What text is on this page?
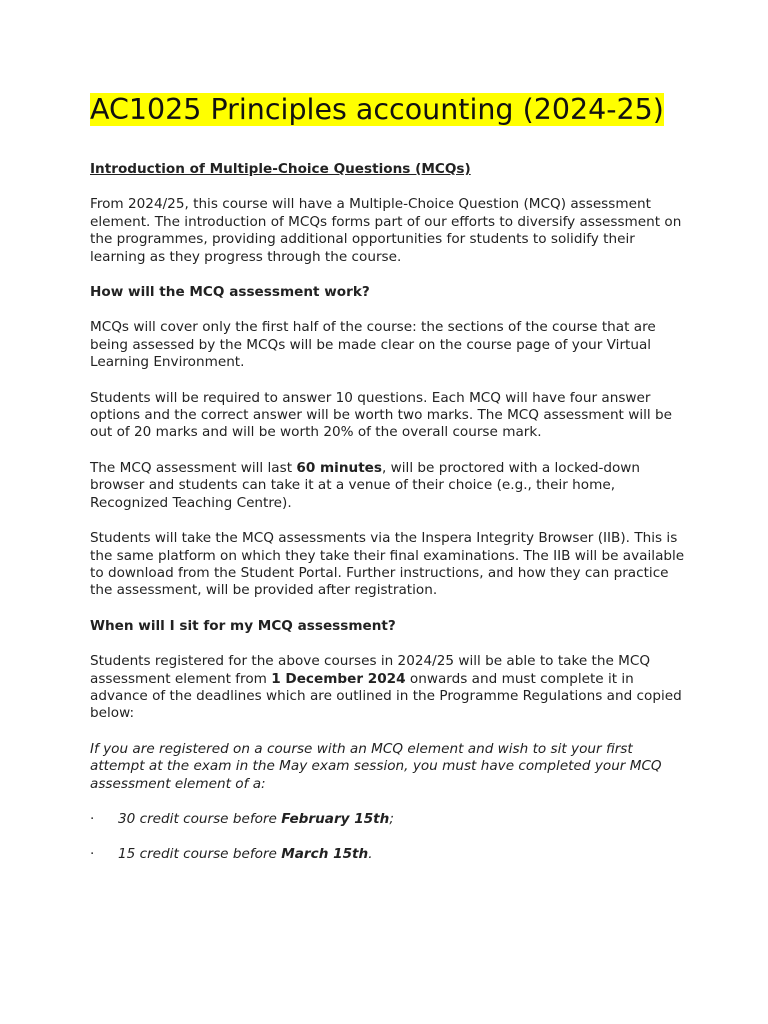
AC1025 Principles accounting (2024-25)

Introduction of Multiple-Choice Questions (MCQs)

From 2024/25, this course will have a Multiple-Choice Question (MCQ) assessment element. The introduction of MCQs forms part of our efforts to diversify assessment on the programmes, providing additional opportunities for students to solidify their learning as they progress through the course.

How will the MCQ assessment work?

MCQs will cover only the first half of the course: the sections of the course that are being assessed by the MCQs will be made clear on the course page of your Virtual Learning Environment.

Students will be required to answer 10 questions. Each MCQ will have four answer options and the correct answer will be worth two marks. The MCQ assessment will be out of 20 marks and will be worth 20% of the overall course mark.

The MCQ assessment will last 60 minutes, will be proctored with a locked-down browser and students can take it at a venue of their choice (e.g., their home, Recognized Teaching Centre).

Students will take the MCQ assessments via the Inspera Integrity Browser (IIB). This is the same platform on which they take their final examinations. The IIB will be available to download from the Student Portal. Further instructions, and how they can practice the assessment, will be provided after registration.

When will I sit for my MCQ assessment?

Students registered for the above courses in 2024/25 will be able to take the MCQ assessment element from 1 December 2024 onwards and must complete it in advance of the deadlines which are outlined in the Programme Regulations and copied below:

If you are registered on a course with an MCQ element and wish to sit your first attempt at the exam in the May exam session, you must have completed your MCQ assessment element of a:

· 30 credit course before February 15th;

· 15 credit course before March 15th.
